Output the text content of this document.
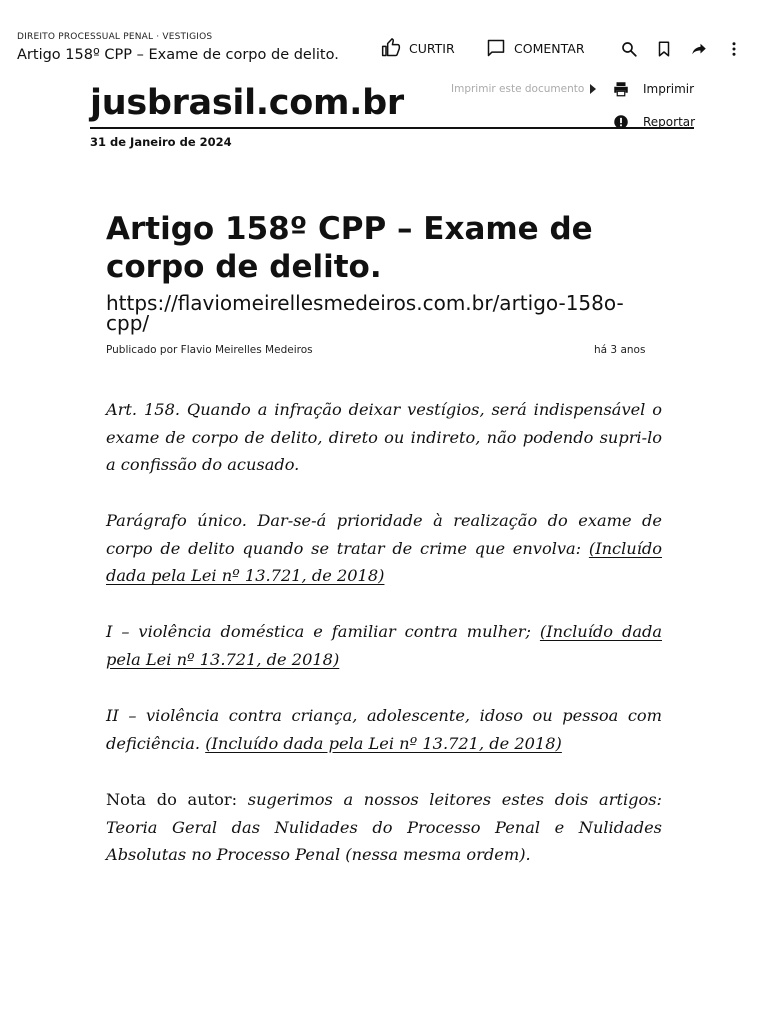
DIREITO PROCESSUAL PENAL · VESTIGIOS
Artigo 158º CPP – Exame de corpo de delito.	CURTIR	COMENTAR
jusbrasil.com.br
31 de Janeiro de 2024
Imprimir este documento	Imprimir
Reportar
Artigo 158º CPP – Exame de corpo de delito.
https://flaviomeirellesmedeiros.com.br/artigo-158o-cpp/
Publicado por Flavio Meirelles Medeiros	há 3 anos
Art. 158. Quando a infração deixar vestígios, será indispensável o exame de corpo de delito, direto ou indireto, não podendo supri-lo a confissão do acusado.
Parágrafo único. Dar-se-á prioridade à realização do exame de corpo de delito quando se tratar de crime que envolva: (Incluído dada pela Lei nº 13.721, de 2018)
I – violência doméstica e familiar contra mulher; (Incluído dada pela Lei nº 13.721, de 2018)
II – violência contra criança, adolescente, idoso ou pessoa com deficiência. (Incluído dada pela Lei nº 13.721, de 2018)
Nota do autor: sugerimos a nossos leitores estes dois artigos: Teoria Geral das Nulidades do Processo Penal e Nulidades Absolutas no Processo Penal (nessa mesma ordem).
